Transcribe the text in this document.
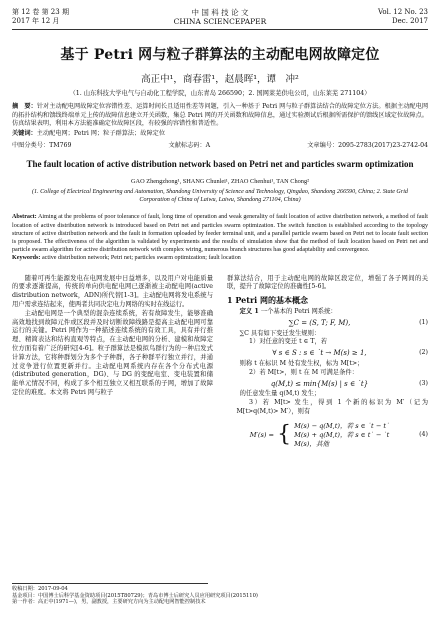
第 12 卷 第 23 期
2017 年 12 月
中 国 科 技 论 文
CHINA SCIENCEPAPER
Vol. 12 No. 23
Dec. 2017
基于 Petri 网与粒子群算法的主动配电网故障定位
高正中¹，商春雷¹，赵晨晖¹，谭　冲²
（1. 山东科技大学电气与自动化工程学院，山东青岛 266590；2. 国网莱芜供电公司，山东莱芜 271104）
摘　要：针对主动配电网故障定位容错性差、运算时间长且适用性差等问题，引入一种基于 Petri 网与粒子群算法结合的故障定位方法。根据主动配电网的拓扑结构和馈线终端单元上传的故障信息建立开关函数，集总 Petri 网的开关函数和故障信息，通过实验测试后根据所需保护的馈线区域定位故障点。仿真结果表明，利用本方法能准确定位故障区段，有较强的容错性和普适性。
关键词：主动配电网；Petri 网；粒子群算法；故障定位
中图分类号：TM769	文献标志码：A	文章编号：2095-2783(2017)23-2742-04
The fault location of active distribution network based on Petri net and particles swarm optimization
GAO Zhengzhong¹, SHANG Chunlei¹, ZHAO Chenhui¹, TAN Chong²
(1. College of Electrical Engineering and Automation, Shandong University of Science and Technology, Qingdao, Shandong 266590, China; 2. State Grid Corporation of China of Laiwu, Laiwu, Shandong 271104, China)
Abstract: Aiming at the problems of poor tolerance of fault, long time of operation and weak generality of fault location of active distribution network, a method of fault location of active distribution network is introduced based on Petri net and particles swarm optimization. The switch function is established according to the topology structure of active distribution network and the fault in formation uploaded by feeder terminal unit, and a parallel particle swarm based on Petri net to locate fault section is proposed. The effectiveness of the algorithm is validated by experiments and the results of simulation show that the method of fault location based on Petri net and particle swarm algorithm for active distribution network with complex wiring, numerous branch structures has good adaptability and convergence.
Keywords: active distribution network; Petri net; particles swarm optimization; fault location

随着可再生能源发电在电网发展中日益增多，以及用户对电能质量的要求逐渐提高，传统的单向供电配电网已逐渐被主动配电网(active distribution network，ADN)所代替[1-3]。主动配电网将发电系统与用户需求连结起来，使两者共同决定电力网络的实时在线运行。

主动配电网是一个典型的混杂连续系统，若有故障发生，能够准确高效地找到故障元件或区段并及时切断故障线路是提高主动配电网可靠运行的关键。Petri 网作为一种描述连续系统的有效工具，具有并行推理、精简表达和结构直观等特点，在主动配电网的分析、建模和故障定位方面有着广泛的研究[4-6]。粒子群算法是模拟鸟群行为的一种启发式计算方法，它将种群划分为多个子种群，各子种群平行独立并行，并通过竞争进行位置更新并行。主动配电网系统内存在各个分布式电源(distributed generation，DG)、与 DG 的变配电室、变电装置和储能单元情况不同，构成了多个相互独立又相互联系的子网，增加了故障定位的难度。本文将 Petri 网与粒子

群算法结合，用于主动配电网的故障区段定位，增强了各子网间的关联，提升了故障定位的准确性[5-6]。

1 Petri 网的基本概念

定义 1 一个基本的 Petri 网系统：

∑C = (S, T; F, M),	(1)

∑C 具有如下变迁发生规则：

1）对任意的变迁 t ∈ T，若

∀ s ∈ S : s ∈ ˙t → M(s) ≥ 1,	(2)

则称 t 在标识 M 处有发生权，标为 M[t>；

2）若 M[t>，则 t 在 M 可满足条件：

q(M,t) ≤ min{M(s) | s ∈ ˙t}	(3)

的任意发生量 q(M,t) 发生；

3）若 M[t> 发生，得到 1 个新的标识为 M′（记为 M[t>q(M,t)> M′），则有

M′(s) = { M(s) − q(M,t)，若 s ∈ ˙t − t˙
M(s) + q(M,t)，若 s ∈ t˙ − ˙t
M(s)，其他
(4)
收稿日期：2017-09-04
基金项目：中国博士后科学基金资助项目(2015T80729)；青岛市博士后研究人员应用研究项目(2015110)
第一作者：高正中(1971—)，男，副教授，主要研究方向为主动配电网智能控制技术
